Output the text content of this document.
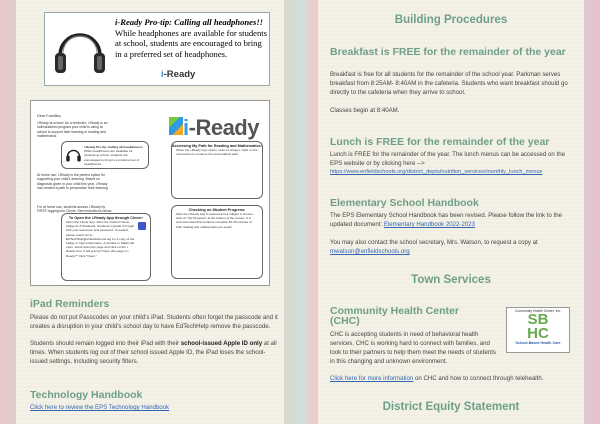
i-Ready Pro-tip: Calling all headphones!! While headphones are available for students at school, students are encouraged to bring in a preferred set of headphones.
i-Ready
Dear Families,
i-Ready at school: As a reminder, i-Ready is an individualized program your child is using at school to support their learning of reading and mathematics.	i-Ready
i-Ready Pro-tip: Calling all headphones!
While headphones are available for students at school, students are encouraged to bring in a preferred set of headphones.
At home use: i-Ready is the perfect option for supporting your child's learning. Based on diagnostic given in your child this year, i-Ready has created a path to personalize their learning.
For at home use, students access i-Ready by FIRST logging into Clever. See instructions below.
Accessing My Path for Reading and Mathematics:
When the i-Ready logo opens, select a subject. Click on the new lesson to continue the personalized path.
To Open the i-Ready App through Clever:
Open the Clever App. Scan the student Clever badge (K-5 Students). Students in grade 3-5 login with your username and password. If needed, please reach out to EDTechHelp@enfieldschools.org for a copy of the badge or login information. A window to Safari will open. Scroll down the page and click on the i-Ready icon. It will prompt "Open this page in i-Ready?" Click "Open."
Checking on Student Progress:
After the i-Ready App is opened and a subject is chosen, click on "My Progress" at the bottom of the screen. It is recommended that students complete 30-45 minutes of both reading and mathematics per week!
iPad Reminders

Please do not put Passcodes on your child's iPad. Students often forget the passcode and it creates a disruption in your child's school day to have EdTechHelp remove the passcode.

Students should remain logged into their iPad with their school-issued Apple ID only at all times. When students log out of their school issued Apple ID, the iPad loses the school-issued settings, including security filters.

Technology Handbook
Click here to review the EPS Technology Handbook
Building Procedures
Breakfast is FREE for the remainder of the year

Breakfast is free for all students for the remainder of the school year. Parkman serves breakfast from 8:25AM- 8:40AM in the cafeteria. Students who want breakfast should go directly to the cafeteria when they arrive to school.

Classes begin at 8:40AM.

Lunch is FREE for the remainder of the year

Lunch is FREE for the remainder of the year. The lunch menus can be accessed on the EPS website or by clicking here -->

https://www.enfieldschools.org/district_depts/nutrition_services/monthly_lunch_menus
Elementary School Handbook

The EPS Elementary School Handbook has been revised. Please follow the link to the updated document: Elementary Handbook 2022-2023

You may also contact the school secretary, Mrs. Watson, to request a copy at mwatson@enfieldschools.org

Town Services
Community Health Center
(CHC)

CHC is accepting students in need of behavioral health services. CHC is working hard to connect with families, and look to their partners to help them meet the needs of students in this changing and unknown environment.

Click here for more information on CHC and how to connect through telehealth.

Community Health Center, Inc.
SB
HC
School-Based Health Care
District Equity Statement
